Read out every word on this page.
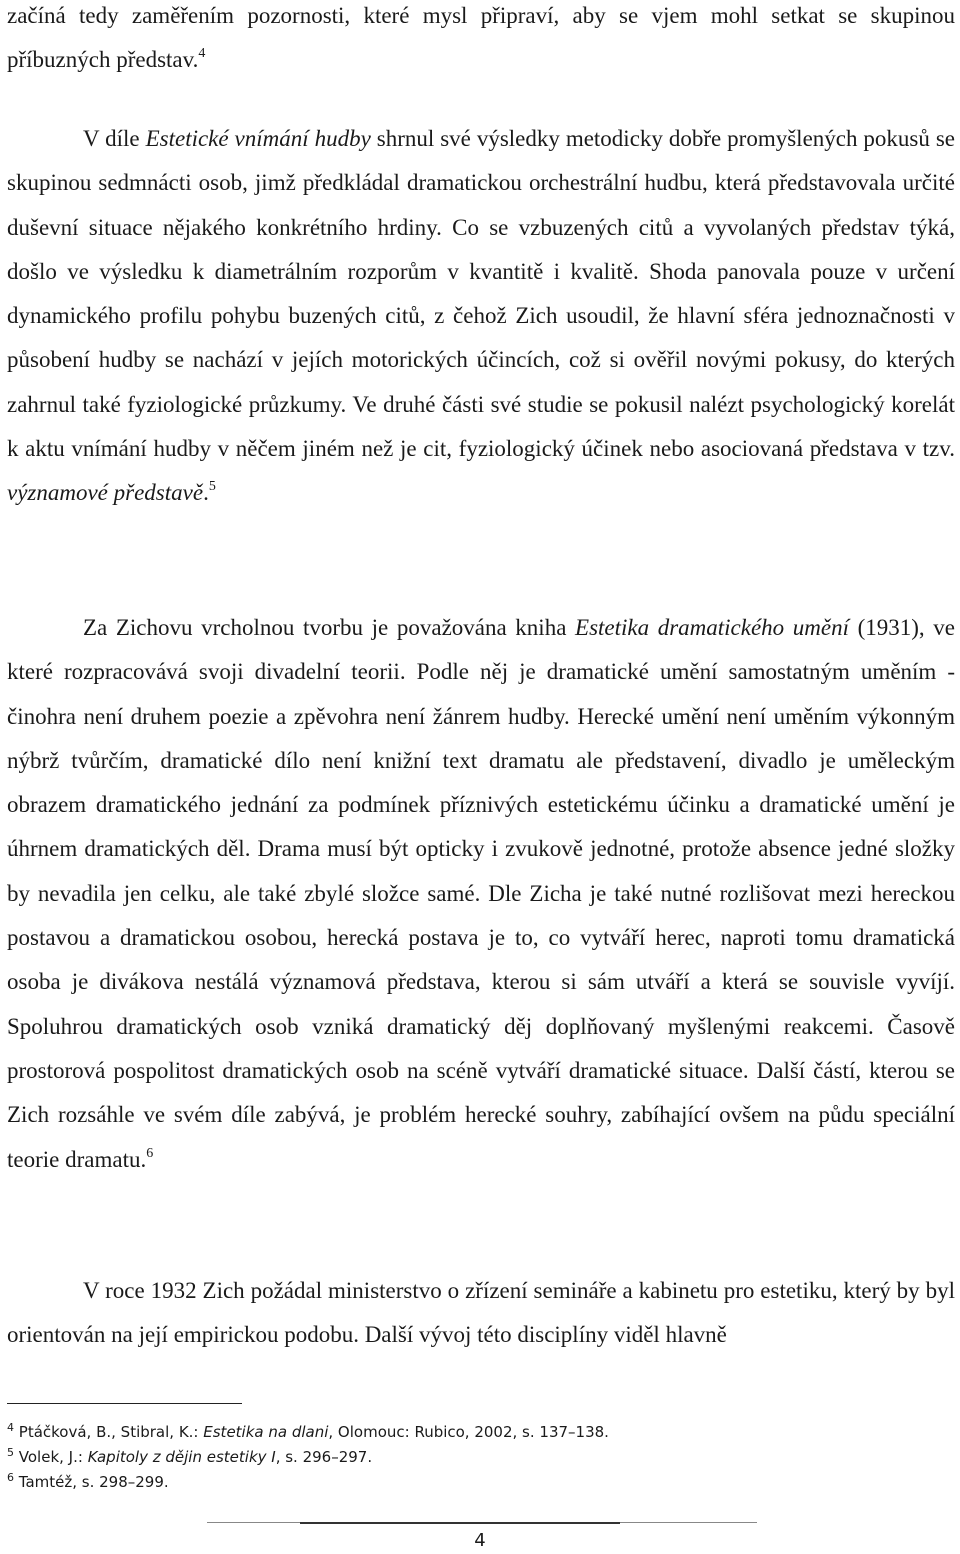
začíná tedy zaměřením pozornosti, které mysl připraví, aby se vjem mohl setkat se skupinou příbuzných představ.$^4$

V díle Estetické vnímání hudby shrnul své výsledky metodicky dobře promyšlených pokusů se skupinou sedmnácti osob, jimž předkládal dramatickou orchestrální hudbu, která představovala určité duševní situace nějakého konkrétního hrdiny. Co se vzbuzených citů a vyvolaných představ týká, došlo ve výsledku k diametrálním rozporům v kvantitě i kvalitě. Shoda panovala pouze v určení dynamického profilu pohybu buzených citů, z čehož Zich usoudil, že hlavní sféra jednoznačnosti v působení hudby se nachází v jejích motorických účincích, což si ověřil novými pokusy, do kterých zahrnul také fyziologické průzkumy. Ve druhé části své studie se pokusil nalézt psychologický korelát k aktu vnímání hudby v něčem jiném než je cit, fyziologický účinek nebo asociovaná představa v tzv. významové představě.$^5$

Za Zichovu vrcholnou tvorbu je považována kniha Estetika dramatického umění (1931), ve které rozpracovává svoji divadelní teorii. Podle něj je dramatické umění samostatným uměním - činohra není druhem poezie a zpěvohra není žánrem hudby. Herecké umění není uměním výkonným nýbrž tvůrčím, dramatické dílo není knižní text dramatu ale představení, divadlo je uměleckým obrazem dramatického jednání za podmínek příznivých estetickému účinku a dramatické umění je úhrnem dramatických děl. Drama musí být opticky i zvukově jednotné, protože absence jedné složky by nevadila jen celku, ale také zbylé složce samé. Dle Zicha je také nutné rozlišovat mezi hereckou postavou a dramatickou osobou, herecká postava je to, co vytváří herec, naproti tomu dramatická osoba je divákova nestálá významová představa, kterou si sám utváří a která se souvisle vyvíjí. Spoluhrou dramatických osob vzniká dramatický děj doplňovaný myšlenými reakcemi. Časově prostorová pospolitost dramatických osob na scéně vytváří dramatické situace. Další částí, kterou se Zich rozsáhle ve svém díle zabývá, je problém herecké souhry, zabíhající ovšem na půdu speciální teorie dramatu.$^6$

V roce 1932 Zich požádal ministerstvo o zřízení semináře a kabinetu pro estetiku, který by byl orientován na její empirickou podobu. Další vývoj této disciplíny viděl hlavně

$^4$ Ptáčková, B., Stibral, K.: Estetika na dlani, Olomouc: Rubico, 2002, s. 137–138.
$^5$ Volek, J.: Kapitoly z dějin estetiky I, s. 296–297.
$^6$ Tamtéž, s. 298–299.
4
